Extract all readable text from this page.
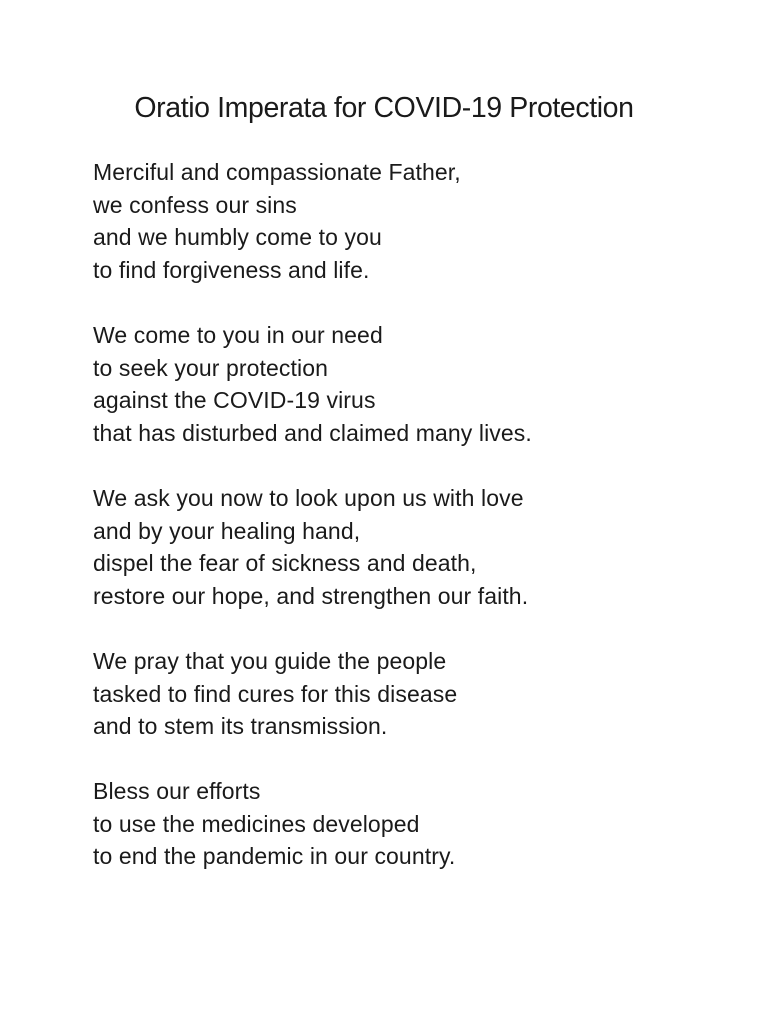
Oratio Imperata for COVID-19 Protection
Merciful and compassionate Father,
we confess our sins
and we humbly come to you
to find forgiveness and life.
We come to you in our need
to seek your protection
against the COVID-19 virus
that has disturbed and claimed many lives.
We ask you now to look upon us with love
and by your healing hand,
dispel the fear of sickness and death,
restore our hope, and strengthen our faith.
We pray that you guide the people
tasked to find cures for this disease
and to stem its transmission.
Bless our efforts
to use the medicines developed
to end the pandemic in our country.
